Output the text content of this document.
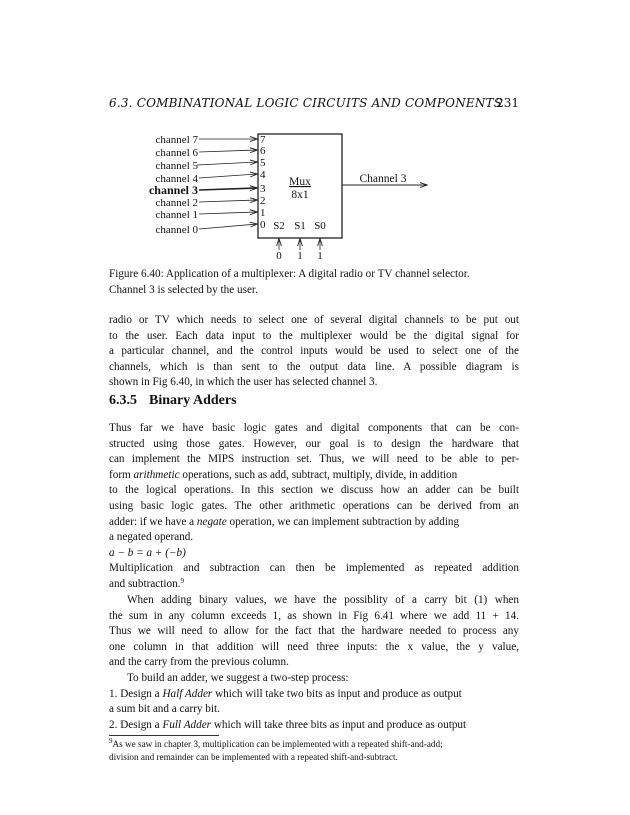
6.3. COMBINATIONAL LOGIC CIRCUITS AND COMPONENTS
231
channel 7
channel 6
channel 5
channel 4
channel 3
channel 2
channel 1
channel 0
7
6
5
4
3
2
1
0
Mux
8x1
Channel 3
S2
0
S1
1
S0
1
Figure 6.40: Application of a multiplexer: A digital radio or TV channel selector.
Channel 3 is selected by the user.
radio or TV which needs to select one of several digital channels to be put out
to the user. Each data input to the multiplexer would be the digital signal for
a particular channel, and the control inputs would be used to select one of the
channels, which is than sent to the output data line. A possible diagram is
shown in Fig 6.40, in which the user has selected channel 3.
6.3.5 Binary Adders
Thus far we have basic logic gates and digital components that can be con-
structed using those gates. However, our goal is to design the hardware that
can implement the MIPS instruction set. Thus, we will need to be able to per-
form arithmetic operations, such as add, subtract, multiply, divide, in addition
to the logical operations. In this section we discuss how an adder can be built
using basic logic gates. The other arithmetic operations can be derived from an
adder: if we have a negate operation, we can implement subtraction by adding
a negated operand.
a − b = a + (−b)
Multiplication and subtraction can then be implemented as repeated addition
and subtraction.$^9$
When adding binary values, we have the possiblity of a carry bit (1) when
the sum in any column exceeds 1, as shown in Fig 6.41 where we add 11 + 14.
Thus we will need to allow for the fact that the hardware needed to process any
one column in that addition will need three inputs: the x value, the y value,
and the carry from the previous column.
To build an adder, we suggest a two-step process:
1. Design a Half Adder which will take two bits as input and produce as output
a sum bit and a carry bit.
2. Design a Full Adder which will take three bits as input and produce as output
$^9$As we saw in chapter 3, multiplication can be implemented with a repeated shift-and-add;
division and remainder can be implemented with a repeated shift-and-subtract.
